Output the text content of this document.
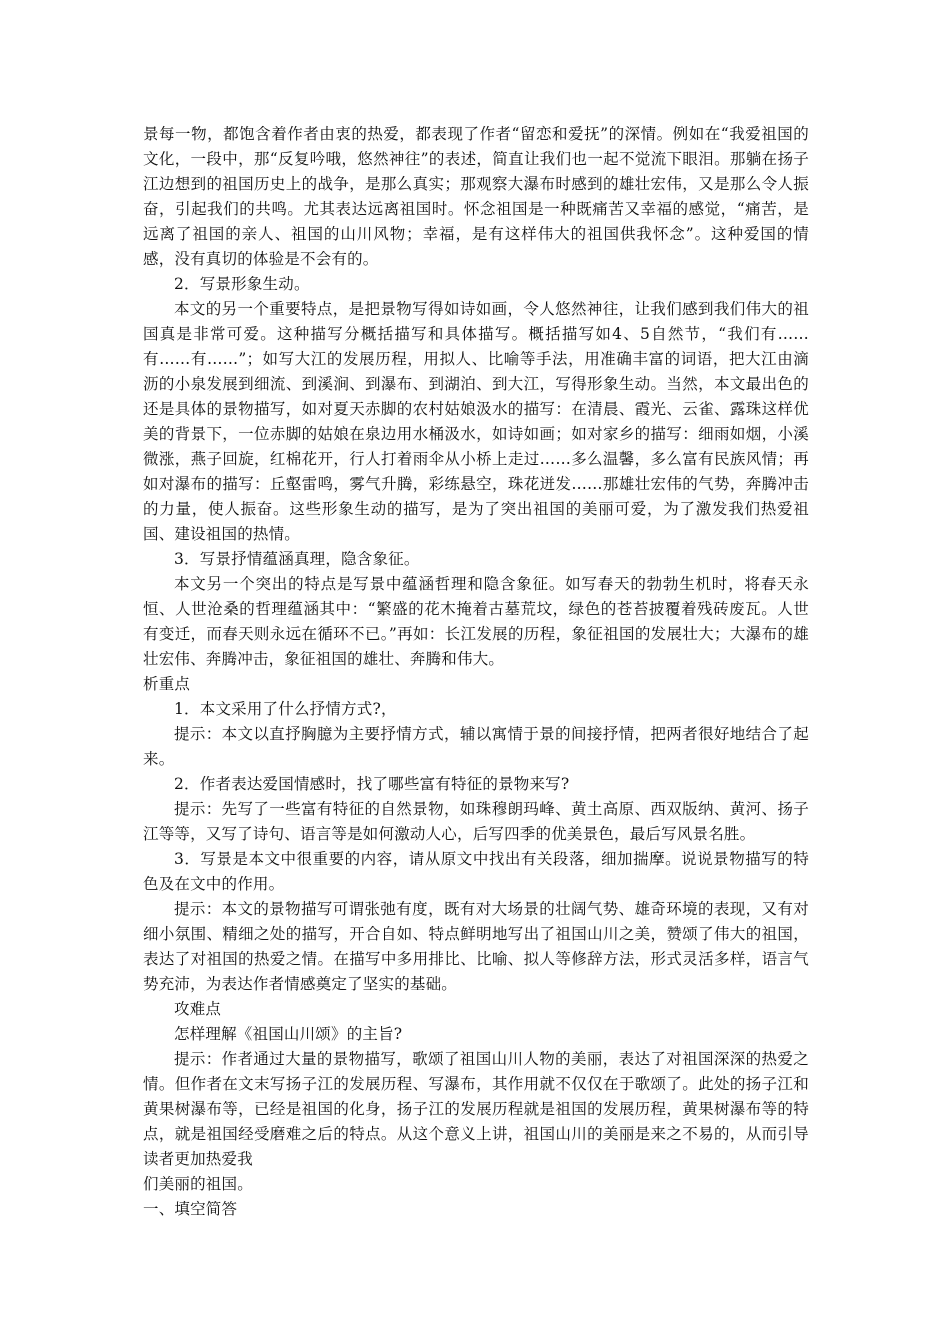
景每一物，都饱含着作者由衷的热爱，都表现了作者“留恋和爱抚”的深情。例如在“我爱祖国的文化，一段中，那“反复吟哦，悠然神往”的表述，简直让我们也一起不觉流下眼泪。那躺在扬子江边想到的祖国历史上的战争，是那么真实；那观察大瀑布时感到的雄壮宏伟，又是那么令人振奋，引起我们的共鸣。尤其表达远离祖国时。怀念祖国是一种既痛苦又幸福的感觉，“痛苦，是远离了祖国的亲人、祖国的山川风物；幸福，是有这样伟大的祖国供我怀念”。这种爱国的情感，没有真切的体验是不会有的。

2．写景形象生动。

本文的另一个重要特点，是把景物写得如诗如画，令人悠然神往，让我们感到我们伟大的祖国真是非常可爱。这种描写分概括描写和具体描写。概括描写如4、5自然节，“我们有……有……有……”；如写大江的发展历程，用拟人、比喻等手法，用准确丰富的词语，把大江由滴沥的小泉发展到细流、到溪涧、到瀑布、到湖泊、到大江，写得形象生动。当然，本文最出色的还是具体的景物描写，如对夏天赤脚的农村姑娘汲水的描写：在清晨、霞光、云雀、露珠这样优美的背景下，一位赤脚的姑娘在泉边用水桶汲水，如诗如画；如对家乡的描写：细雨如烟，小溪微涨，燕子回旋，红棉花开，行人打着雨伞从小桥上走过……多么温馨，多么富有民族风情；再如对瀑布的描写：丘壑雷鸣，雾气升腾，彩练悬空，珠花迸发……那雄壮宏伟的气势，奔腾冲击的力量，使人振奋。这些形象生动的描写，是为了突出祖国的美丽可爱，为了激发我们热爱祖国、建设祖国的热情。

3．写景抒情蕴涵真理，隐含象征。

本文另一个突出的特点是写景中蕴涵哲理和隐含象征。如写春天的勃勃生机时，将春天永恒、人世沧桑的哲理蕴涵其中：“繁盛的花木掩着古墓荒坟，绿色的苍苔披覆着残砖废瓦。人世有变迁，而春天则永远在循环不已。”再如：长江发展的历程，象征祖国的发展壮大；大瀑布的雄壮宏伟、奔腾冲击，象征祖国的雄壮、奔腾和伟大。

析重点

1．本文采用了什么抒情方式?，

提示：本文以直抒胸臆为主要抒情方式，辅以寓情于景的间接抒情，把两者很好地结合了起来。

2．作者表达爱国情感时，找了哪些富有特征的景物来写?

提示：先写了一些富有特征的自然景物，如珠穆朗玛峰、黄土高原、西双版纳、黄河、扬子江等等，又写了诗句、语言等是如何激动人心，后写四季的优美景色，最后写风景名胜。

3．写景是本文中很重要的内容，请从原文中找出有关段落，细加揣摩。说说景物描写的特色及在文中的作用。

提示：本文的景物描写可谓张弛有度，既有对大场景的壮阔气势、雄奇环境的表现，又有对细小氛围、精细之处的描写，开合自如、特点鲜明地写出了祖国山川之美，赞颂了伟大的祖国，表达了对祖国的热爱之情。在描写中多用排比、比喻、拟人等修辞方法，形式灵活多样，语言气势充沛，为表达作者情感奠定了坚实的基础。

攻难点

怎样理解《祖国山川颂》的主旨?

提示：作者通过大量的景物描写，歌颂了祖国山川人物的美丽，表达了对祖国深深的热爱之情。但作者在文末写扬子江的发展历程、写瀑布，其作用就不仅仅在于歌颂了。此处的扬子江和黄果树瀑布等，已经是祖国的化身，扬子江的发展历程就是祖国的发展历程，黄果树瀑布等的特点，就是祖国经受磨难之后的特点。从这个意义上讲，祖国山川的美丽是来之不易的，从而引导读者更加热爱我

们美丽的祖国。

一、填空简答
